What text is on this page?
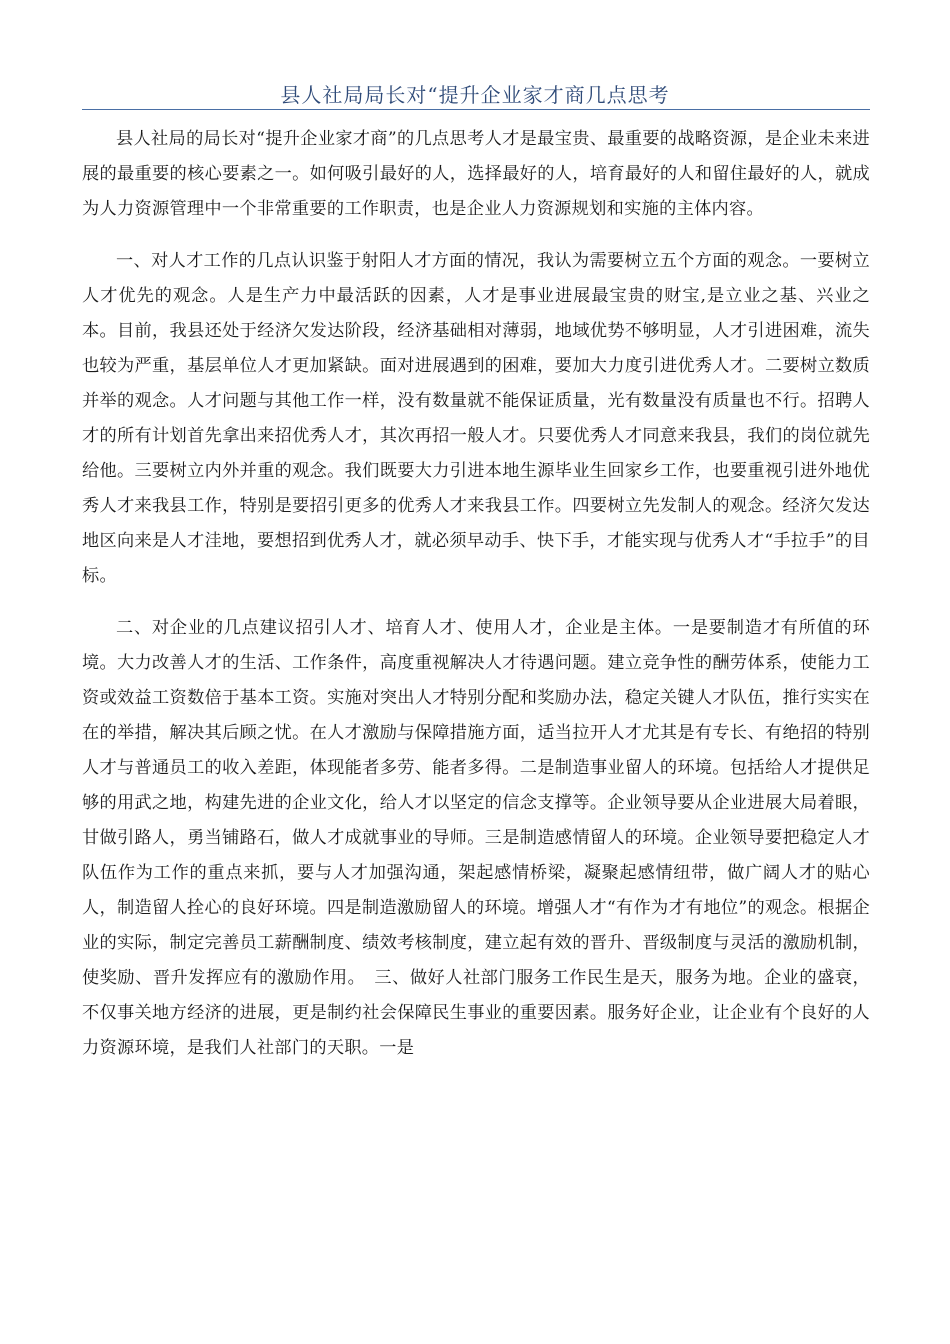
县人社局局长对“提升企业家才商几点思考

县人社局的局长对“提升企业家才商”的几点思考人才是最宝贵、最重要的战略资源，是企业未来进展的最重要的核心要素之一。如何吸引最好的人，选择最好的人，培育最好的人和留住最好的人，就成为人力资源管理中一个非常重要的工作职责，也是企业人力资源规划和实施的主体内容。

一、对人才工作的几点认识鉴于射阳人才方面的情况，我认为需要树立五个方面的观念。一要树立人才优先的观念。人是生产力中最活跃的因素，人才是事业进展最宝贵的财宝,是立业之基、兴业之本。目前，我县还处于经济欠发达阶段，经济基础相对薄弱，地域优势不够明显，人才引进困难，流失也较为严重，基层单位人才更加紧缺。面对进展遇到的困难，要加大力度引进优秀人才。二要树立数质并举的观念。人才问题与其他工作一样，没有数量就不能保证质量，光有数量没有质量也不行。招聘人才的所有计划首先拿出来招优秀人才，其次再招一般人才。只要优秀人才同意来我县，我们的岗位就先给他。三要树立内外并重的观念。我们既要大力引进本地生源毕业生回家乡工作，也要重视引进外地优秀人才来我县工作，特别是要招引更多的优秀人才来我县工作。四要树立先发制人的观念。经济欠发达地区向来是人才洼地，要想招到优秀人才，就必须早动手、快下手，才能实现与优秀人才“手拉手”的目标。

二、对企业的几点建议招引人才、培育人才、使用人才，企业是主体。一是要制造才有所值的环境。大力改善人才的生活、工作条件，高度重视解决人才待遇问题。建立竞争性的酬劳体系，使能力工资或效益工资数倍于基本工资。实施对突出人才特别分配和奖励办法，稳定关键人才队伍，推行实实在在的举措，解决其后顾之忧。在人才激励与保障措施方面，适当拉开人才尤其是有专长、有绝招的特别人才与普通员工的收入差距，体现能者多劳、能者多得。二是制造事业留人的环境。包括给人才提供足够的用武之地，构建先进的企业文化，给人才以坚定的信念支撑等。企业领导要从企业进展大局着眼，甘做引路人，勇当铺路石，做人才成就事业的导师。三是制造感情留人的环境。企业领导要把稳定人才队伍作为工作的重点来抓，要与人才加强沟通，架起感情桥梁，凝聚起感情纽带，做广阔人才的贴心人，制造留人拴心的良好环境。四是制造激励留人的环境。增强人才“有作为才有地位”的观念。根据企业的实际，制定完善员工薪酬制度、绩效考核制度，建立起有效的晋升、晋级制度与灵活的激励机制，使奖励、晋升发挥应有的激励作用。　三、做好人社部门服务工作民生是天，服务为地。企业的盛衰，不仅事关地方经济的进展，更是制约社会保障民生事业的重要因素。服务好企业，让企业有个良好的人力资源环境，是我们人社部门的天职。一是
